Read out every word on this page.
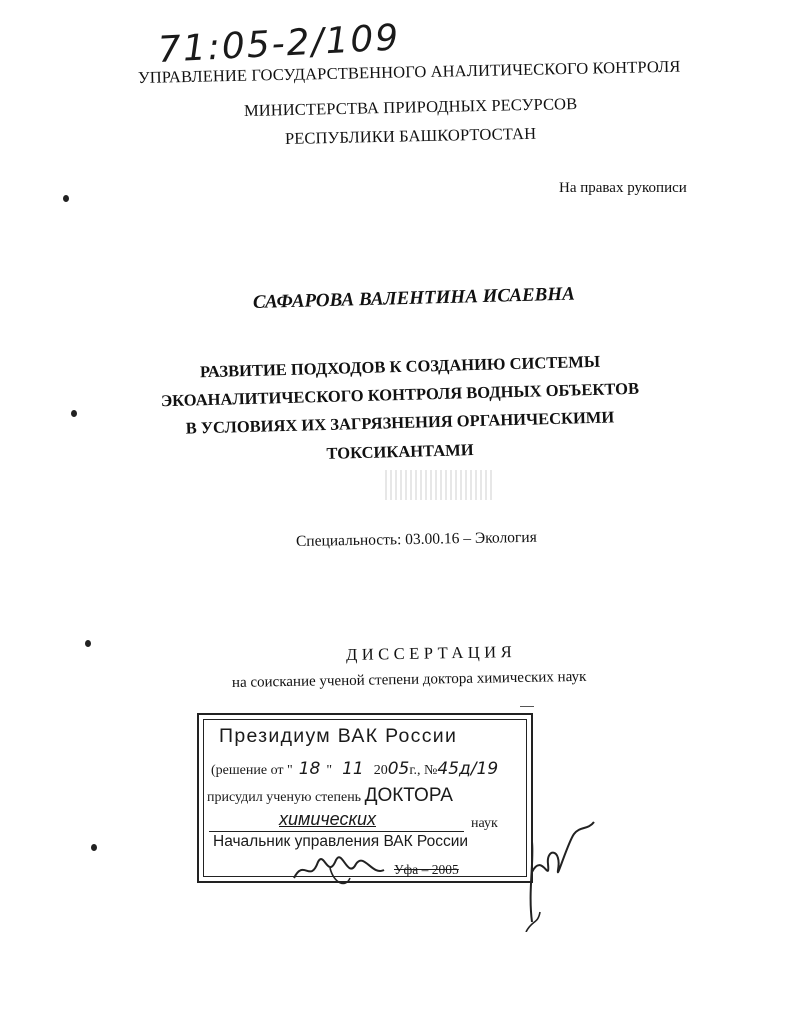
71:05-2/109
УПРАВЛЕНИЕ ГОСУДАРСТВЕННОГО АНАЛИТИЧЕСКОГО КОНТРОЛЯ
МИНИСТЕРСТВА ПРИРОДНЫХ РЕСУРСОВ
РЕСПУБЛИКИ БАШКОРТОСТАН
На правах рукописи
САФАРОВА ВАЛЕНТИНА ИСАЕВНА
РАЗВИТИЕ ПОДХОДОВ К СОЗДАНИЮ СИСТЕМЫ
ЭКОАНАЛИТИЧЕСКОГО КОНТРОЛЯ ВОДНЫХ ОБЪЕКТОВ
В УСЛОВИЯХ ИХ ЗАГРЯЗНЕНИЯ ОРГАНИЧЕСКИМИ
ТОКСИКАНТАМИ
Специальность: 03.00.16 – Экология
ДИССЕРТАЦИЯ
на соискание ученой степени доктора химических наук
Президиум ВАК России
(решение от " 18 " 11 2005г., №45д/19
присудил ученую степень ДОКТОРА
химических	наук
Начальник управления ВАК России
Уфа – 2005
